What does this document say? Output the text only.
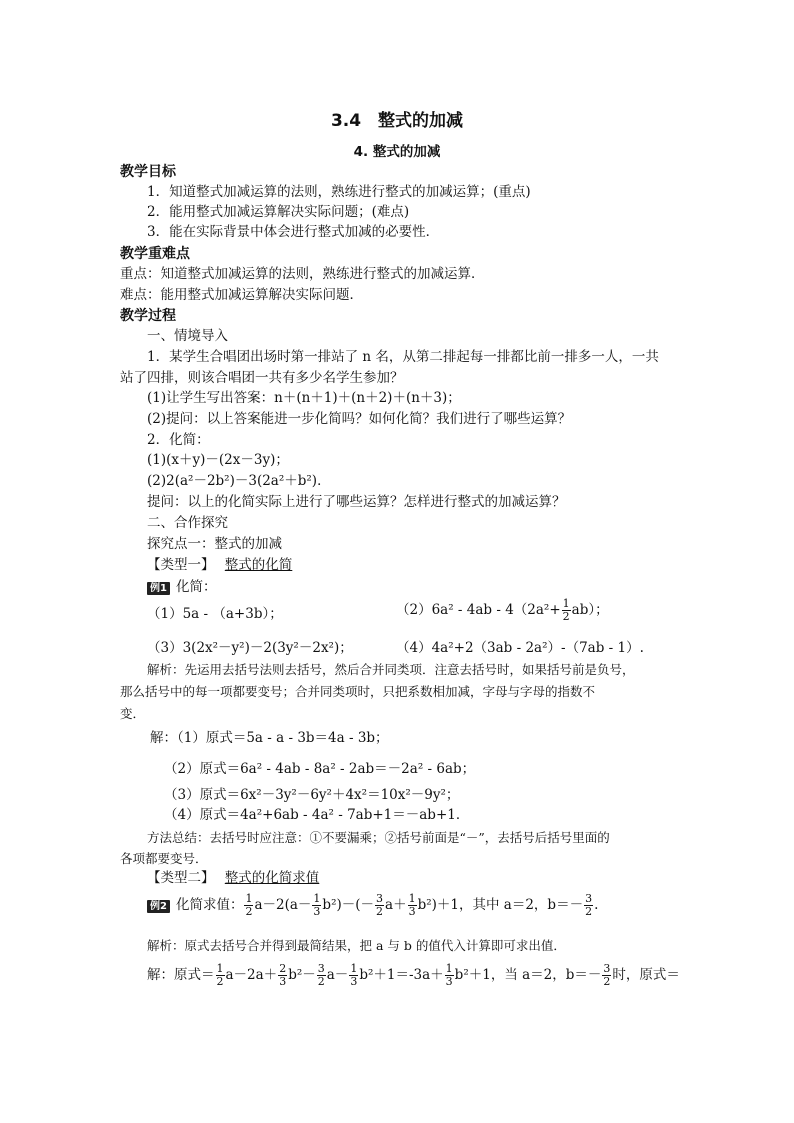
3.4　整式的加减
4. 整式的加减
教学目标
1．知道整式加减运算的法则，熟练进行整式的加减运算；(重点)
2．能用整式加减运算解决实际问题；(难点)
3．能在实际背景中体会进行整式加减的必要性．
教学重难点
重点：知道整式加减运算的法则，熟练进行整式的加减运算．
难点：能用整式加减运算解决实际问题．
教学过程
一、情境导入
1．某学生合唱团出场时第一排站了 n 名，从第二排起每一排都比前一排多一人，一共
站了四排，则该合唱团一共有多少名学生参加？
(1)让学生写出答案：n＋(n＋1)＋(n＋2)＋(n＋3)；
(2)提问：以上答案能进一步化简吗？如何化简？我们进行了哪些运算？
2．化简：
(1)(x＋y)－(2x－3y)；
(2)2(a²－2b²)－3(2a²＋b²)．
提问：以上的化简实际上进行了哪些运算？怎样进行整式的加减运算？
二、合作探究
探究点一：整式的加减
【类型一】 整式的化简
例1 化简：
（1）5a - （a+3b）；	$(2)6a^2 - 4ab - 4(2a^2+ \frac{1}{2} ab)$；
（3）3(2x²－y²)－2(3y²－2x²)；	（4）4a²+2（3ab - 2a²）-（7ab - 1）.
解析：先运用去括号法则去括号，然后合并同类项．注意去括号时，如果括号前是负号，
那么括号中的每一项都要变号；合并同类项时，只把系数相加减，字母与字母的指数不
变．
解：（1）原式＝5a - a - 3b＝4a - 3b；
（2）原式＝6a² - 4ab - 8a² - 2ab＝－2a² - 6ab；
（3）原式＝6x²－3y²－6y²＋4x²＝10x²－9y²；
（4）原式＝4a²+6ab - 4a² - 7ab+1＝－ab+1．
方法总结：去括号时应注意：①不要漏乘；②括号前面是“－”，去括号后括号里面的
各项都要变号．
【类型二】 整式的化简求值
例2 化简求值： $\frac{1}{2} a-2(a- \frac{1}{3} b^2)-(- \frac{3}{2} a+ \frac{1}{3} b^2)+1$，其中 a＝2，$b=- \frac{3}{2}$ .
解析：原式去括号合并得到最简结果，把 a 与 b 的值代入计算即可求出值．
解：原式＝ $\frac{1}{2} a-2a+ \frac{2}{3} b^2- \frac{3}{2} a- \frac{1}{3} b^2+1=-3a+ \frac{1}{3} b^2+1$，当 a＝2，$b=- \frac{3}{2}$ 时，原式＝
